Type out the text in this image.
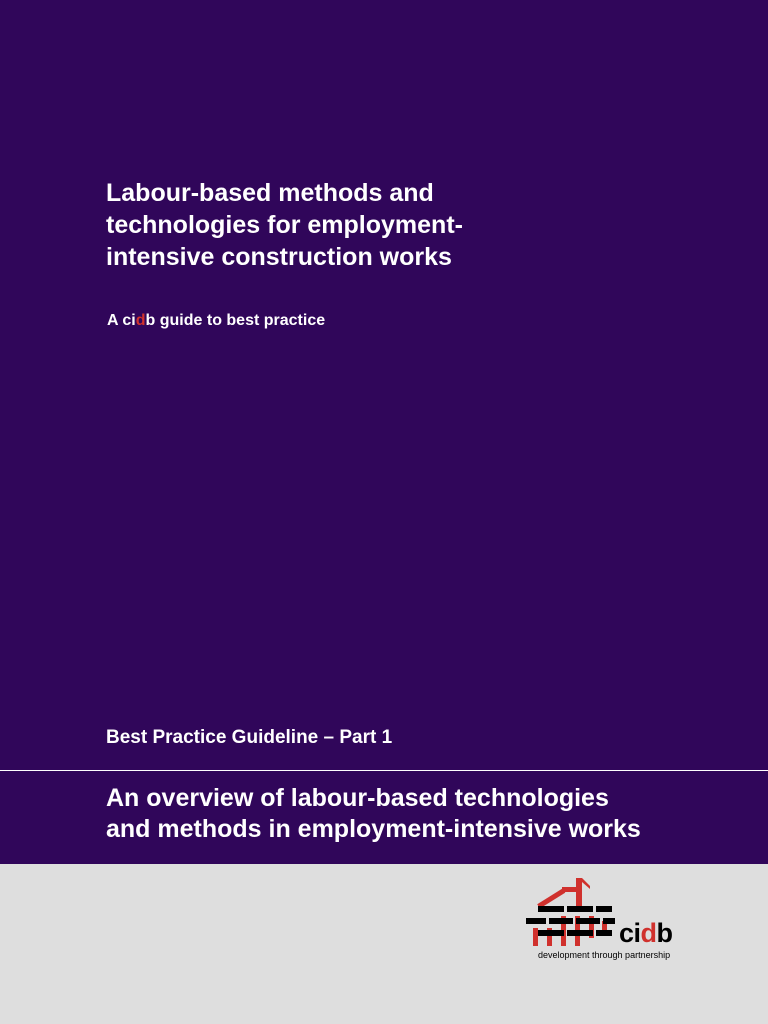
Labour-based methods and
technologies for employment-
intensive construction works

A cidb guide to best practice

Best Practice Guideline – Part 1

An overview of labour-based technologies
and methods in employment-intensive works
cidb
development through partnership
